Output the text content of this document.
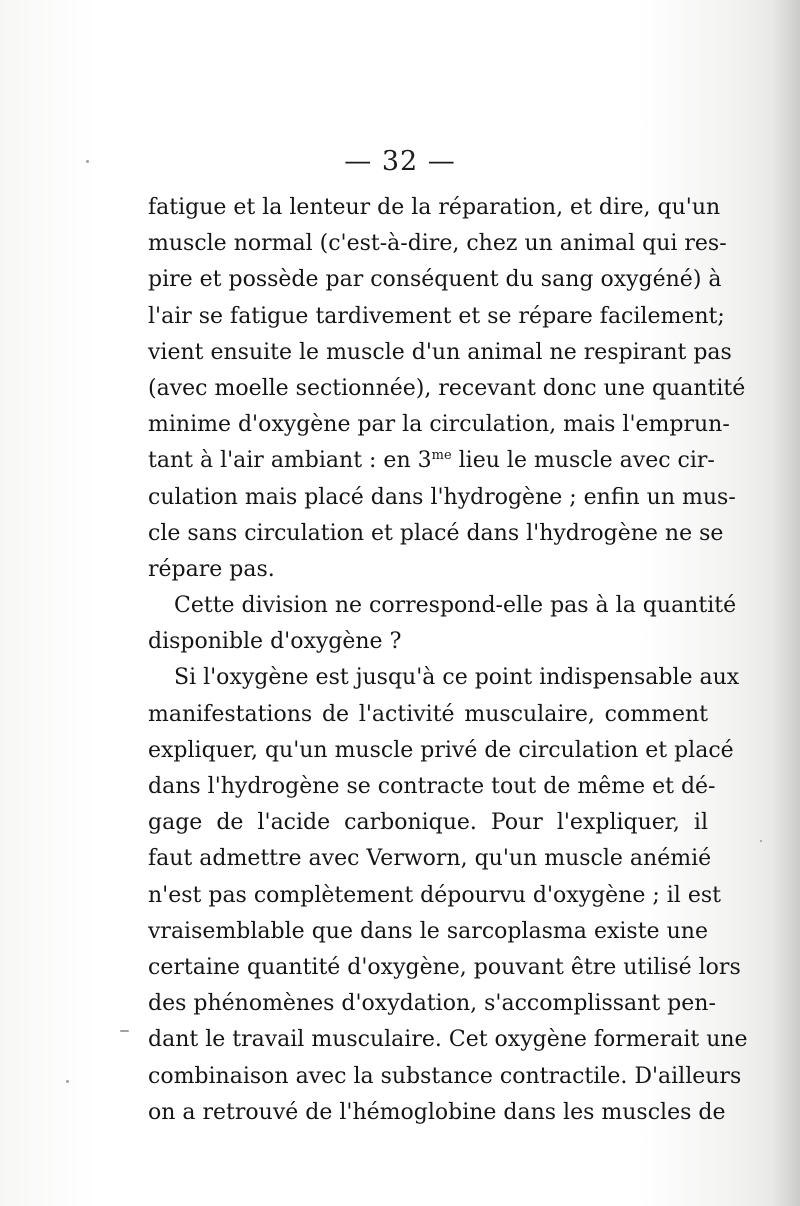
— 32 —
fatigue et la lenteur de la réparation, et dire, qu'un
muscle normal (c'est-à-dire, chez un animal qui res-
pire et possède par conséquent du sang oxygéné) à
l'air se fatigue tardivement et se répare facilement;
vient ensuite le muscle d'un animal ne respirant pas
(avec moelle sectionnée), recevant donc une quantité
minime d'oxygène par la circulation, mais l'emprun-
tant à l'air ambiant : en $3^{me}$ lieu le muscle avec cir-
culation mais placé dans l'hydrogène ; enfin un mus-
cle sans circulation et placé dans l'hydrogène ne se
répare pas.
Cette division ne correspond-elle pas à la quantité
disponible d'oxygène ?
Si l'oxygène est jusqu'à ce point indispensable aux
manifestations de l'activité musculaire, comment
expliquer, qu'un muscle privé de circulation et placé
dans l'hydrogène se contracte tout de même et dé-
gage de l'acide carbonique. Pour l'expliquer, il
faut admettre avec Verworn, qu'un muscle anémié
n'est pas complètement dépourvu d'oxygène ; il est
vraisemblable que dans le sarcoplasma existe une
certaine quantité d'oxygène, pouvant être utilisé lors
des phénomènes d'oxydation, s'accomplissant pen-
dant le travail musculaire. Cet oxygène formerait une
combinaison avec la substance contractile. D'ailleurs
on a retrouvé de l'hémoglobine dans les muscles de
